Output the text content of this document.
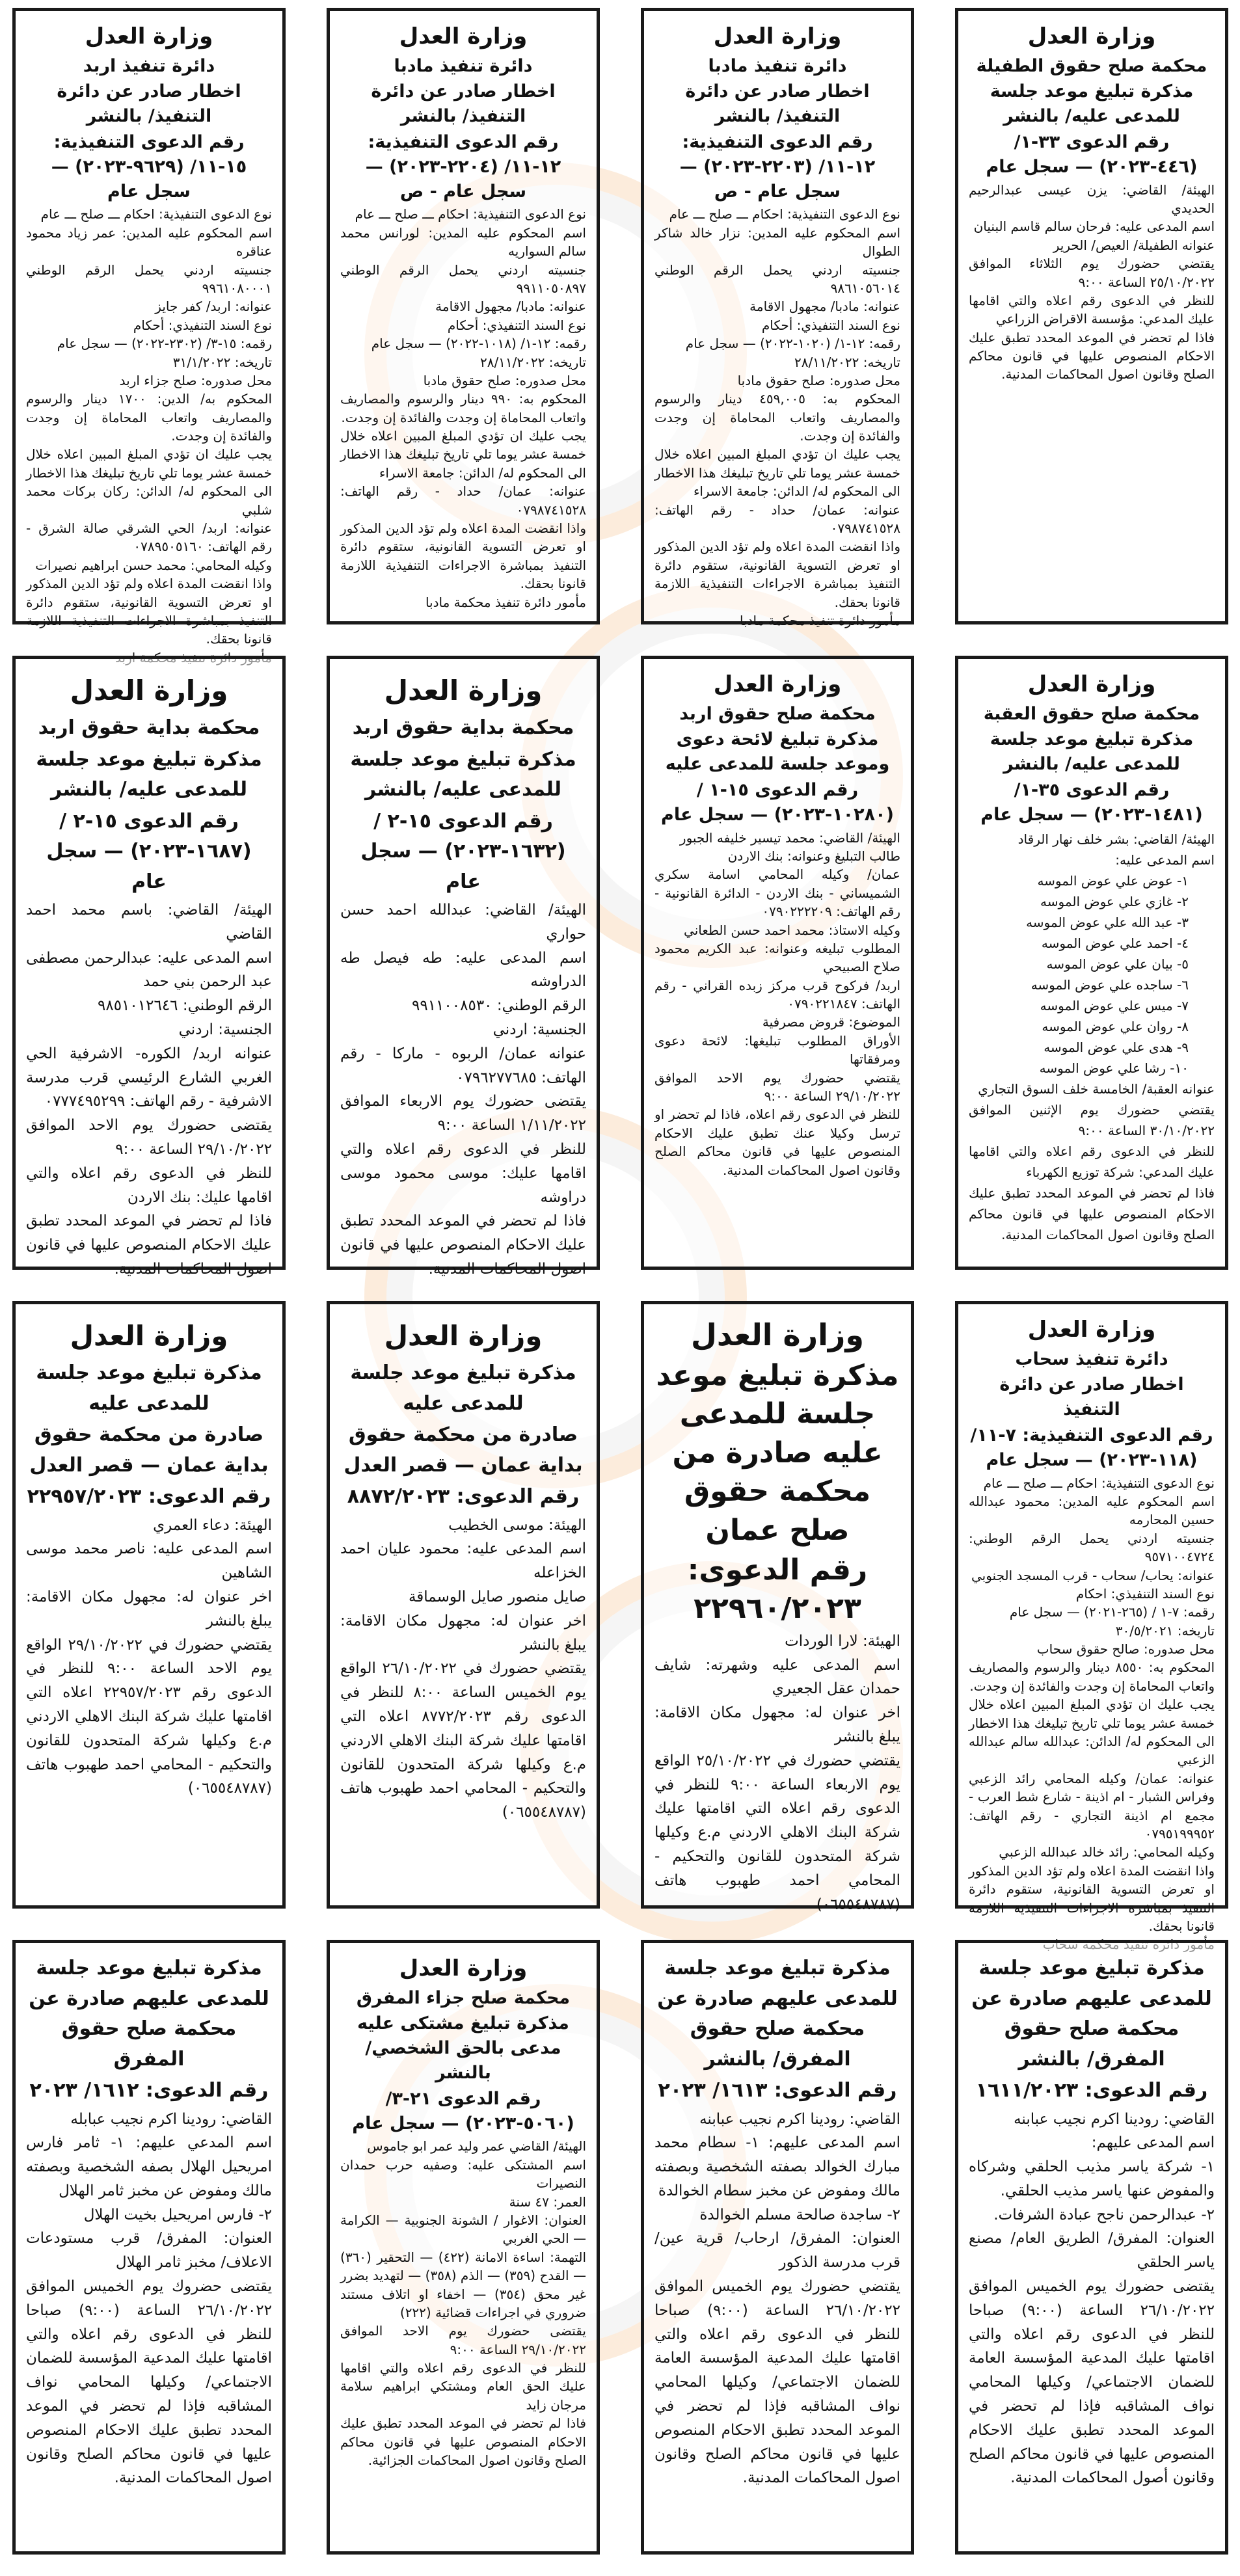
وزارة العدل
محكمة صلح حقوق الطفيلة
مذكرة تبليغ موعد جلسة للمدعى عليه/ بالنشر
رقم الدعوى ٣٣-١/ (٤٤٦-٢٠٢٣) — سجل عام

الهيئة/ القاضي: يزن عيسى عبدالرحيم الحديدي

اسم المدعى عليه: فرحان سالم قاسم البنيان

عنوانه الطفيلة/ العيص/ الحرير

يقتضي حضورك يوم الثلاثاء الموافق ٢٥/١٠/٢٠٢٢ الساعة ٩:٠٠

للنظر في الدعوى رقم اعلاه والتي اقامها عليك المدعي: مؤسسة الاقراض الزراعي

فاذا لم تحضر في الموعد المحدد تطبق عليك الاحكام المنصوص عليها في قانون محاكم الصلح وقانون اصول المحاكمات المدنية.

وزارة العدل
دائرة تنفيذ مادبا
اخطار صادر عن دائرة التنفيذ/ بالنشر
رقم الدعوى التنفيذية: ١٢-١١/ (٢٢٠٣-٢٠٢٣) — سجل عام - ص

نوع الدعوى التنفيذية: احكام ـــ صلح ـــ عام

اسم المحكوم عليه المدين: نزار خالد شاكر الطوال

جنسيته اردني يحمل الرقم الوطني ٩٨٦١٠٥٦٠١٤

عنوانه: مادبا/ مجهول الاقامة

نوع السند التنفيذي: أحكام

رقمه: ١٢-١/ (١٠٢٠-٢٠٢٢) — سجل عام

تاريخه: ٢٨/١١/٢٠٢٢

محل صدوره: صلح حقوق مادبا

المحكوم به: ٤٥٩,٠٠٥ دينار والرسوم والمصاريف واتعاب المحاماة إن وجدت والفائدة إن وجدت.

يجب عليك ان تؤدي المبلغ المبين اعلاه خلال خمسة عشر يوما تلي تاريخ تبليغك هذا الاخطار

الى المحكوم له/ الدائن: جامعة الاسراء

عنوانه: عمان/ حداد - رقم الهاتف: ٠٧٩٨٧٤١٥٢٨

واذا انقضت المدة اعلاه ولم تؤد الدين المذكور او تعرض التسوية القانونية، ستقوم دائرة التنفيذ بمباشرة الاجراءات التنفيذية اللازمة قانونا بحقك.

مأمور دائرة تنفيذ محكمة مادبا

وزارة العدل
دائرة تنفيذ مادبا
اخطار صادر عن دائرة التنفيذ/ بالنشر
رقم الدعوى التنفيذية: ١٢-١١/ (٢٢٠٤-٢٠٢٣) — سجل عام - ص

نوع الدعوى التنفيذية: احكام ـــ صلح ـــ عام

اسم المحكوم عليه المدين: لورانس محمد سالم السواريه

جنسيته اردني يحمل الرقم الوطني ٩٩١١٠٥٠٨٩٧

عنوانه: مادبا/ مجهول الاقامة

نوع السند التنفيذي: أحكام

رقمه: ١٢-١/ (١٠١٨-٢٠٢٢) — سجل عام

تاريخه: ٢٨/١١/٢٠٢٢

محل صدوره: صلح حقوق مادبا

المحكوم به: ٩٩٠ دينار والرسوم والمصاريف واتعاب المحاماة إن وجدت والفائدة إن وجدت.

يجب عليك ان تؤدي المبلغ المبين اعلاه خلال خمسة عشر يوما تلي تاريخ تبليغك هذا الاخطار

الى المحكوم له/ الدائن: جامعة الاسراء

عنوانه: عمان/ حداد - رقم الهاتف: ٠٧٩٨٧٤١٥٢٨

واذا انقضت المدة اعلاه ولم تؤد الدين المذكور او تعرض التسوية القانونية، ستقوم دائرة التنفيذ بمباشرة الاجراءات التنفيذية اللازمة قانونا بحقك.

مأمور دائرة تنفيذ محكمة مادبا

وزارة العدل
دائرة تنفيذ اربد
اخطار صادر عن دائرة التنفيذ/ بالنشر
رقم الدعوى التنفيذية: ١٥-١١/ (٩٦٢٩-٢٠٢٣) — سجل عام

نوع الدعوى التنفيذية: احكام ـــ صلح ـــ عام

اسم المحكوم عليه المدين: عمر زياد محمود عناقره

جنسيته اردني يحمل الرقم الوطني ٩٩٦١٠٨٠٠٠١

عنوانه: اربد/ كفر جايز

نوع السند التنفيذي: أحكام

رقمه: ١٥-٣/ (٢٣٠٢-٢٠٢٢) — سجل عام

تاريخه: ٣١/١/٢٠٢٢

محل صدوره: صلح جزاء اربد

المحكوم به/ الدين: ١٧٠٠ دينار والرسوم والمصاريف واتعاب المحاماة إن وجدت والفائدة إن وجدت.

يجب عليك ان تؤدي المبلغ المبين اعلاه خلال خمسة عشر يوما تلي تاريخ تبليغك هذا الاخطار

الى المحكوم له/ الدائن: ركان بركات محمد شلبي

عنوانه: اربد/ الحي الشرقي صالة الشرق - رقم الهاتف: ٠٧٨٩٥٠٥١٦٠

وكيله المحامي: محمد حسن ابراهيم نصيرات

واذا انقضت المدة اعلاه ولم تؤد الدين المذكور او تعرض التسوية القانونية، ستقوم دائرة التنفيذ بمباشرة الاجراءات التنفيذية اللازمة قانونا بحقك.

وزارة العدل
محكمة صلح حقوق العقبة
مذكرة تبليغ موعد جلسة للمدعى عليه/ بالنشر
رقم الدعوى ٣٥-١/ (١٤٨١-٢٠٢٣) — سجل عام

الهيئة/ القاضي: بشر خلف نهار الرقاد

اسم المدعى عليه:

١- عوض علي عوض الموسه

٢- غازي علي عوض الموسه

٣- عبد الله علي عوض الموسه

٤- احمد علي عوض الموسه

٥- بيان علي عوض الموسه

٦- ساجده علي عوض الموسه

٧- ميس علي عوض الموسه

٨- روان علي عوض الموسه

٩- هدى علي عوض الموسه

١٠- رشا علي عوض الموسه

عنوانه العقبة/ الخامسة خلف السوق التجاري

يقتضي حضورك يوم الإثنين الموافق ٣٠/١٠/٢٠٢٢ الساعة ٩:٠٠

للنظر في الدعوى رقم اعلاه والتي اقامها عليك المدعي: شركة توزيع الكهرباء

فاذا لم تحضر في الموعد المحدد تطبق عليك الاحكام المنصوص عليها في قانون محاكم الصلح وقانون اصول المحاكمات المدنية.

وزارة العدل
محكمة صلح حقوق اربد
مذكرة تبليغ لائحة دعوى وموعد جلسة للمدعى عليه
رقم الدعوى ١٥-١ / (١٠٢٨٠-٢٠٢٣) — سجل عام

الهيئة/ القاضي: محمد تيسير خليفه الجبور

طالب التبليغ وعنوانه: بنك الاردن

عمان/ وكيله المحامي اسامة سكري الشميساني - بنك الاردن - الدائرة القانونية - رقم الهاتف: ٠٧٩٠٢٢٢٢٠٩

وكيله الاستاذ: محمد احمد حسن الطعاني

المطلوب تبليغه وعنوانه: عبد الكريم محمود صلاح الصبيحي

اربد/ فركوح قرب مركز زبده القراني - رقم الهاتف: ٠٧٩٠٢٢١٨٤٧

الموضوع: قروض مصرفية

الأوراق المطلوب تبليغها: لائحة دعوى ومرفقاتها

يقتضي حضورك يوم الاحد الموافق ٢٩/١٠/٢٠٢٢ الساعة ٩:٠٠

للنظر في الدعوى رقم اعلاه، فاذا لم تحضر او ترسل وكيلا عنك تطبق عليك الاحكام المنصوص عليها في قانون محاكم الصلح وقانون اصول المحاكمات المدنية.

وزارة العدل
محكمة بداية حقوق اربد
مذكرة تبليغ موعد جلسة للمدعى عليه/ بالنشر
رقم الدعوى ١٥-٢ / (١٦٣٢-٢٠٢٣) — سجل عام

الهيئة/ القاضي: عبدالله احمد حسن حواري

اسم المدعى عليه: طه فيصل طه الدراوشه

الرقم الوطني: ٩٩١١٠٠٨٥٣٠

الجنسية: اردني

عنوانه عمان/ الربوه - ماركا - رقم الهاتف: ٠٧٩٦٢٧٧٦٨٥

يقتضى حضورك يوم الاربعاء الموافق ١/١١/٢٠٢٢ الساعة ٩:٠٠

للنظر في الدعوى رقم اعلاه والتي اقامها عليك: موسى محمود موسى دراوشه

فاذا لم تحضر في الموعد المحدد تطبق عليك الاحكام المنصوص عليها في قانون اصول المحاكمات المدنية.

وزارة العدل
محكمة بداية حقوق اربد
مذكرة تبليغ موعد جلسة للمدعى عليه/ بالنشر
رقم الدعوى ١٥-٢ / (١٦٨٧-٢٠٢٣) — سجل عام

الهيئة/ القاضي: باسم محمد احمد القاضي

اسم المدعى عليه: عبدالرحمن مصطفى عبد الرحمن بني حمد

الرقم الوطني: ٩٨٥١٠١٢٦٤٦

الجنسية: اردني

عنوانه اربد/ الكوره- الاشرفية الحي الغربي الشارع الرئيسي قرب مدرسة الاشرفية - رقم الهاتف: ٠٧٧٧٤٩٥٢٩٩

يقتضى حضورك يوم الاحد الموافق ٢٩/١٠/٢٠٢٢ الساعة ٩:٠٠

للنظر في الدعوى رقم اعلاه والتي اقامها عليك: بنك الاردن

فاذا لم تحضر في الموعد المحدد تطبق عليك الاحكام المنصوص عليها في قانون اصول المحاكمات المدنية.

وزارة العدل
دائرة تنفيذ سحاب
اخطار صادر عن دائرة التنفيذ
رقم الدعوى التنفيذية: ٧-١١/ (١١٨-٢٠٢٣) — سجل عام

نوع الدعوى التنفيذية: احكام ـــ صلح ـــ عام

اسم المحكوم عليه المدين: محمود عبدالله حسين المحارمه

جنسيته اردني يحمل الرقم الوطني: ٩٥٧١٠٠٤٧٢٤

عنوانه: يحاب/ سحاب - قرب المسجد الجنوبي

نوع السند التنفيذي: احكام

رقمه: ٧-١ / (٢٦٥-٢٠٢١) — سجل عام

تاريخه: ٣٠/٥/٢٠٢١

محل صدوره: صالح حقوق سحاب

المحكوم به: ٨٥٥٠ دينار والرسوم والمصاريف واتعاب المحاماة إن وجدت والفائدة إن وجدت.

يجب عليك ان تؤدي المبلغ المبين اعلاه خلال خمسة عشر يوما تلي تاريخ تبليغك هذا الاخطار

الى المحكوم له/ الدائن: عبدالله سالم عبدالله الزعبي

عنوانه: عمان/ وكيله المحامي رائد الزعبي وفراس الشبار - ام اذينة - شارع شط العرب - مجمع ام اذينة التجاري - رقم الهاتف: ٠٧٩٥١٩٩٩٥٢

وكيله المحامي: رائد خالد عبدالله الزعبي

واذا انقضت المدة اعلاه ولم تؤد الدين المذكور او تعرض التسوية القانونية، ستقوم دائرة التنفيذ بمباشرة الاجراءات التنفيذية اللازمة قانونا بحقك.

وزارة العدل
مذكرة تبليغ موعد جلسة للمدعى عليه صادرة من محكمة حقوق صلح عمان
رقم الدعوى: ٢٢٩٦٠/٢٠٢٣

الهيئة: لارا الوردات

اسم المدعى عليه وشهرته: شايف حمدان عقل الجعيري

اخر عنوان له: مجهول مكان الاقامة: يبلغ بالنشر

يقتضي حضورك في ٢٥/١٠/٢٠٢٢ الواقع يوم الاربعاء الساعة ٩:٠٠ للنظر في الدعوى رقم اعلاه التي اقامتها عليك شركة البنك الاهلي الاردني م.ع وكيلها شركة المتحدون للقانون والتحكيم - المحامي احمد طهبوب هاتف (٠٦٥٥٤٨٧٨٧)

وزارة العدل
مذكرة تبليغ موعد جلسة للمدعى عليه
صادرة من محكمة حقوق بداية عمان — قصر العدل
رقم الدعوى: ٨٨٧٢/٢٠٢٣

الهيئة: موسى الخطيب

اسم المدعى عليه: محمود عليان احمد الخزاعله

صايل منصور صايل الوسماقة

اخر عنوان له: مجهول مكان الاقامة: يبلغ بالنشر

يقتضي حضورك في ٢٦/١٠/٢٠٢٢ الواقع يوم الخميس الساعة ٨:٠٠ للنظر في الدعوى رقم ٨٧٧٢/٢٠٢٣ اعلاه التي اقامتها عليك شركة البنك الاهلي الاردني م.ع وكيلها شركة المتحدون للقانون والتحكيم - المحامي احمد طهبوب هاتف (٠٦٥٥٤٨٧٨٧)

وزارة العدل
مذكرة تبليغ موعد جلسة للمدعى عليه
صادرة من محكمة حقوق بداية عمان — قصر العدل
رقم الدعوى: ٢٢٩٥٧/٢٠٢٣

الهيئة: دعاء العمري

اسم المدعى عليه: ناصر محمد موسى الشاهين

اخر عنوان له: مجهول مكان الاقامة: يبلغ بالنشر

يقتضي حضورك في ٢٩/١٠/٢٠٢٢ الواقع يوم الاحد الساعة ٩:٠٠ للنظر في الدعوى رقم ٢٢٩٥٧/٢٠٢٣ اعلاه التي اقامتها عليك شركة البنك الاهلي الاردني م.ع وكيلها شركة المتحدون للقانون والتحكيم - المحامي احمد طهبوب هاتف (٠٦٥٥٤٨٧٨٧)

مذكرة تبليغ موعد جلسة للمدعى عليهم صادرة عن محكمة صلح حقوق المفرق/ بالنشر
رقم الدعوى: ١٦١١/٢٠٢٣

القاضي: رودينا اكرم نجيب عبابنه

اسم المدعى عليهم:

١- شركة ياسر مذيب الحلقي وشركاه والمفوض عنها ياسر مذيب الحلقي.

٢- عبدالرحمن ناجح عبادة الشرفات.

العنوان: المفرق/ الطريق العام/ مصنع ياسر الحلقي

يقتضى حضورك يوم الخميس الموافق ٢٦/١٠/٢٠٢٢ الساعة (٩:٠٠) صباحا للنظر في الدعوى رقم اعلاه والتي اقامتها عليك المدعية المؤسسة العامة للضمان الاجتماعي/ وكيلها المحامي نواف المشاقبه فإذا لم تحضر في الموعد المحدد تطبق عليك الاحكام المنصوص عليها في قانون محاكم الصلح وقانون أصول المحاكمات المدنية.

مذكرة تبليغ موعد جلسة للمدعى عليهم صادرة عن محكمة صلح حقوق المفرق/ بالنشر
رقم الدعوى: ١٦١٣/ ٢٠٢٣

القاضي: رودينا اكرم نجيب عبابنه

اسم المدعى عليهم: ١- سطام محمد مبارك الخوالد بصفته الشخصية وبصفته مالك ومفوض عن مخبز سطام الخوالدة

٢- ساجدة صالحة مسلم الخوالدة

العنوان: المفرق/ ارحاب/ قرية عين/ قرب مدرسة الذكور

يقتضي حضورك يوم الخميس الموافق ٢٦/١٠/٢٠٢٢ الساعة (٩:٠٠) صباحا للنظر في الدعوى رقم اعلاه والتي اقامتها عليك المدعية المؤسسة العامة للضمان الاجتماعي/ وكيلها المحامي نواف المشاقبه فإذا لم تحضر في الموعد المحدد تطبق الاحكام المنصوص عليها في قانون محاكم الصلح وقانون اصول المحاكمات المدنية.

وزارة العدل
محكمة صلح جزاء المفرق
مذكرة تبليغ مشتكى عليه مدعى بالحق الشخصي/ بالنشر
رقم الدعوى ٢١-٣/ (٥٠٦٠-٢٠٢٣) — سجل عام

الهيئة/ القاضي عمر وليد عمر ابو جاموس

اسم المشتكى عليه: وصفيه حرب حمدان النصيرات

العمر: ٤٧ سنة

العنوان: الاغوار / الشونة الجنوبية — الكرامة — الحي الغربي

التهمة: اساءة الامانة (٤٢٢) — التحقير (٣٦٠) — القدح (٣٥٩) — الذم (٣٥٨) — لتهديد بضرر غير محق (٣٥٤) — اخفاء او اتلاف مستند ضروري في اجراءات قضائية (٢٢٢)

يقتضى حضورك يوم الاحد الموافق ٢٩/١٠/٢٠٢٢ الساعة ٩:٠٠

للنظر في الدعوى رقم اعلاه والتي اقامها عليك الحق العام ومشتكي ابراهيم سلامة مرجان زايد

فاذا لم تحضر في الموعد المحدد تطبق عليك الاحكام المنصوص عليها في قانون محاكم الصلح وقانون اصول المحاكمات الجزائية.

مذكرة تبليغ موعد جلسة للمدعى عليهم صادرة عن محكمة صلح حقوق المفرق
رقم الدعوى: ١٦١٢/ ٢٠٢٣

القاضي: رودينا اكرم نجيب عبابله

اسم المدعي عليهم: ١- ثامر فارس امريحيل الهلال بصفه الشخصية وبصفته مالك ومفوض عن مخبز ثامر الهلال

٢- فارس امريحيل بخيت الهلال

العنوان: المفرق/ قرب مستودعات الاعلاف/ مخبز ثامر الهلال

يقتضى حضروك يوم الخميس الموافق ٢٦/١٠/٢٠٢٢ الساعة (٩:٠٠) صباحا للنظر في الدعوى رقم اعلاه والتي اقامتها عليك المدعية المؤسسة للضمان الاجتماعي/ وكيلها المحامي نواف المشاقبه فإذا لم تحضر في الموعد المحدد تطبق عليك الاحكام المنصوص عليها في قانون محاكم الصلح وقانون اصول المحاكمات المدنية.
